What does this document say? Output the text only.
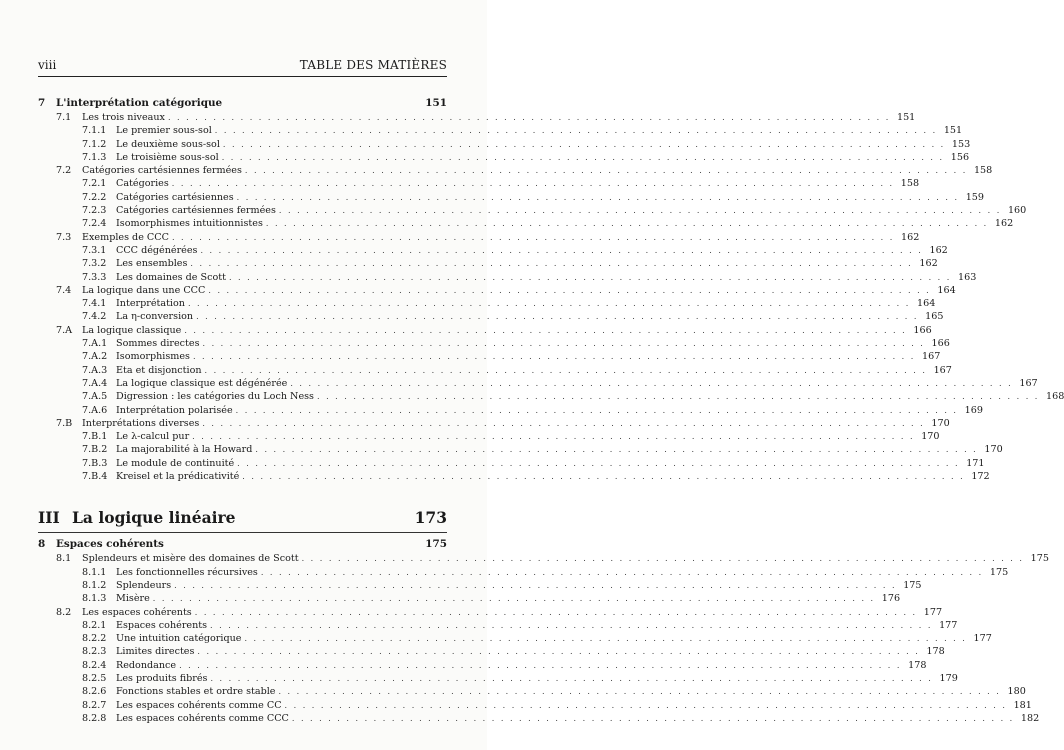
viii	TABLE DES MATIÈRES
7 L'interprétation catégorique	151
7.1 Les trois niveaux . . . . . . . . . . . . . . . . . . . . . . . . . . . . . . . . . . . . . . . . . . . . . . . . . . . . . . . . . . . . . . . . . . . . . . . . . . . . . . . . 151
7.1.1 Le premier sous-sol . . . . . . . . . . . . . . . . . . . . . . . . . . . . . . . . . . . . . . . . . . . . . . . . . . . . . . . . . . . . . . . . . . . . . . . . . . . . . . . . 151
7.1.2 Le deuxième sous-sol . . . . . . . . . . . . . . . . . . . . . . . . . . . . . . . . . . . . . . . . . . . . . . . . . . . . . . . . . . . . . . . . . . . . . . . . . . . . . . . . 153
7.1.3 Le troisième sous-sol . . . . . . . . . . . . . . . . . . . . . . . . . . . . . . . . . . . . . . . . . . . . . . . . . . . . . . . . . . . . . . . . . . . . . . . . . . . . . . . . 156
7.2 Catégories cartésiennes fermées . . . . . . . . . . . . . . . . . . . . . . . . . . . . . . . . . . . . . . . . . . . . . . . . . . . . . . . . . . . . . . . . . . . . . . . . . . . . . . . . 158
7.2.1 Catégories . . . . . . . . . . . . . . . . . . . . . . . . . . . . . . . . . . . . . . . . . . . . . . . . . . . . . . . . . . . . . . . . . . . . . . . . . . . . . . . . 158
7.2.2 Catégories cartésiennes . . . . . . . . . . . . . . . . . . . . . . . . . . . . . . . . . . . . . . . . . . . . . . . . . . . . . . . . . . . . . . . . . . . . . . . . . . . . . . . . 159
7.2.3 Catégories cartésiennes fermées . . . . . . . . . . . . . . . . . . . . . . . . . . . . . . . . . . . . . . . . . . . . . . . . . . . . . . . . . . . . . . . . . . . . . . . . . . . . . . . . 160
7.2.4 Isomorphismes intuitionnistes . . . . . . . . . . . . . . . . . . . . . . . . . . . . . . . . . . . . . . . . . . . . . . . . . . . . . . . . . . . . . . . . . . . . . . . . . . . . . . . . 162
7.3 Exemples de CCC . . . . . . . . . . . . . . . . . . . . . . . . . . . . . . . . . . . . . . . . . . . . . . . . . . . . . . . . . . . . . . . . . . . . . . . . . . . . . . . . 162
7.3.1 CCC dégénérées . . . . . . . . . . . . . . . . . . . . . . . . . . . . . . . . . . . . . . . . . . . . . . . . . . . . . . . . . . . . . . . . . . . . . . . . . . . . . . . . 162
7.3.2 Les ensembles . . . . . . . . . . . . . . . . . . . . . . . . . . . . . . . . . . . . . . . . . . . . . . . . . . . . . . . . . . . . . . . . . . . . . . . . . . . . . . . . 162
7.3.3 Les domaines de Scott . . . . . . . . . . . . . . . . . . . . . . . . . . . . . . . . . . . . . . . . . . . . . . . . . . . . . . . . . . . . . . . . . . . . . . . . . . . . . . . . 163
7.4 La logique dans une CCC . . . . . . . . . . . . . . . . . . . . . . . . . . . . . . . . . . . . . . . . . . . . . . . . . . . . . . . . . . . . . . . . . . . . . . . . . . . . . . . . 164
7.4.1 Interprétation . . . . . . . . . . . . . . . . . . . . . . . . . . . . . . . . . . . . . . . . . . . . . . . . . . . . . . . . . . . . . . . . . . . . . . . . . . . . . . . . 164
7.4.2 La η-conversion . . . . . . . . . . . . . . . . . . . . . . . . . . . . . . . . . . . . . . . . . . . . . . . . . . . . . . . . . . . . . . . . . . . . . . . . . . . . . . . . 165
7.A La logique classique . . . . . . . . . . . . . . . . . . . . . . . . . . . . . . . . . . . . . . . . . . . . . . . . . . . . . . . . . . . . . . . . . . . . . . . . . . . . . . . . 166
7.A.1 Sommes directes . . . . . . . . . . . . . . . . . . . . . . . . . . . . . . . . . . . . . . . . . . . . . . . . . . . . . . . . . . . . . . . . . . . . . . . . . . . . . . . . 166
7.A.2 Isomorphismes . . . . . . . . . . . . . . . . . . . . . . . . . . . . . . . . . . . . . . . . . . . . . . . . . . . . . . . . . . . . . . . . . . . . . . . . . . . . . . . . 167
7.A.3 Eta et disjonction . . . . . . . . . . . . . . . . . . . . . . . . . . . . . . . . . . . . . . . . . . . . . . . . . . . . . . . . . . . . . . . . . . . . . . . . . . . . . . . . 167
7.A.4 La logique classique est dégénérée . . . . . . . . . . . . . . . . . . . . . . . . . . . . . . . . . . . . . . . . . . . . . . . . . . . . . . . . . . . . . . . . . . . . . . . . . . . . . . . . 167
7.A.5 Digression : les catégories du Loch Ness . . . . . . . . . . . . . . . . . . . . . . . . . . . . . . . . . . . . . . . . . . . . . . . . . . . . . . . . . . . . . . . . . . . . . . . . . . . . . . . . 168
7.A.6 Interprétation polarisée . . . . . . . . . . . . . . . . . . . . . . . . . . . . . . . . . . . . . . . . . . . . . . . . . . . . . . . . . . . . . . . . . . . . . . . . . . . . . . . . 169
7.B Interprétations diverses . . . . . . . . . . . . . . . . . . . . . . . . . . . . . . . . . . . . . . . . . . . . . . . . . . . . . . . . . . . . . . . . . . . . . . . . . . . . . . . . 170
7.B.1 Le λ-calcul pur . . . . . . . . . . . . . . . . . . . . . . . . . . . . . . . . . . . . . . . . . . . . . . . . . . . . . . . . . . . . . . . . . . . . . . . . . . . . . . . . 170
7.B.2 La majorabilité à la Howard . . . . . . . . . . . . . . . . . . . . . . . . . . . . . . . . . . . . . . . . . . . . . . . . . . . . . . . . . . . . . . . . . . . . . . . . . . . . . . . . 170
7.B.3 Le module de continuité . . . . . . . . . . . . . . . . . . . . . . . . . . . . . . . . . . . . . . . . . . . . . . . . . . . . . . . . . . . . . . . . . . . . . . . . . . . . . . . . 171
7.B.4 Kreisel et la prédicativité . . . . . . . . . . . . . . . . . . . . . . . . . . . . . . . . . . . . . . . . . . . . . . . . . . . . . . . . . . . . . . . . . . . . . . . . . . . . . . . . 172
III La logique linéaire	173
8 Espaces cohérents	175
8.1 Splendeurs et misère des domaines de Scott . . . . . . . . . . . . . . . . . . . . . . . . . . . . . . . . . . . . . . . . . . . . . . . . . . . . . . . . . . . . . . . . . . . . . . . . . . . . . . . . 175
8.1.1 Les fonctionnelles récursives . . . . . . . . . . . . . . . . . . . . . . . . . . . . . . . . . . . . . . . . . . . . . . . . . . . . . . . . . . . . . . . . . . . . . . . . . . . . . . . . 175
8.1.2 Splendeurs . . . . . . . . . . . . . . . . . . . . . . . . . . . . . . . . . . . . . . . . . . . . . . . . . . . . . . . . . . . . . . . . . . . . . . . . . . . . . . . . 175
8.1.3 Misère . . . . . . . . . . . . . . . . . . . . . . . . . . . . . . . . . . . . . . . . . . . . . . . . . . . . . . . . . . . . . . . . . . . . . . . . . . . . . . . . 176
8.2 Les espaces cohérents . . . . . . . . . . . . . . . . . . . . . . . . . . . . . . . . . . . . . . . . . . . . . . . . . . . . . . . . . . . . . . . . . . . . . . . . . . . . . . . . 177
8.2.1 Espaces cohérents . . . . . . . . . . . . . . . . . . . . . . . . . . . . . . . . . . . . . . . . . . . . . . . . . . . . . . . . . . . . . . . . . . . . . . . . . . . . . . . . 177
8.2.2 Une intuition catégorique . . . . . . . . . . . . . . . . . . . . . . . . . . . . . . . . . . . . . . . . . . . . . . . . . . . . . . . . . . . . . . . . . . . . . . . . . . . . . . . . 177
8.2.3 Limites directes . . . . . . . . . . . . . . . . . . . . . . . . . . . . . . . . . . . . . . . . . . . . . . . . . . . . . . . . . . . . . . . . . . . . . . . . . . . . . . . . 178
8.2.4 Redondance . . . . . . . . . . . . . . . . . . . . . . . . . . . . . . . . . . . . . . . . . . . . . . . . . . . . . . . . . . . . . . . . . . . . . . . . . . . . . . . . 178
8.2.5 Les produits fibrés . . . . . . . . . . . . . . . . . . . . . . . . . . . . . . . . . . . . . . . . . . . . . . . . . . . . . . . . . . . . . . . . . . . . . . . . . . . . . . . . 179
8.2.6 Fonctions stables et ordre stable . . . . . . . . . . . . . . . . . . . . . . . . . . . . . . . . . . . . . . . . . . . . . . . . . . . . . . . . . . . . . . . . . . . . . . . . . . . . . . . . 180
8.2.7 Les espaces cohérents comme CC . . . . . . . . . . . . . . . . . . . . . . . . . . . . . . . . . . . . . . . . . . . . . . . . . . . . . . . . . . . . . . . . . . . . . . . . . . . . . . . . 181
8.2.8 Les espaces cohérents comme CCC . . . . . . . . . . . . . . . . . . . . . . . . . . . . . . . . . . . . . . . . . . . . . . . . . . . . . . . . . . . . . . . . . . . . . . . . . . . . . . . . 182
